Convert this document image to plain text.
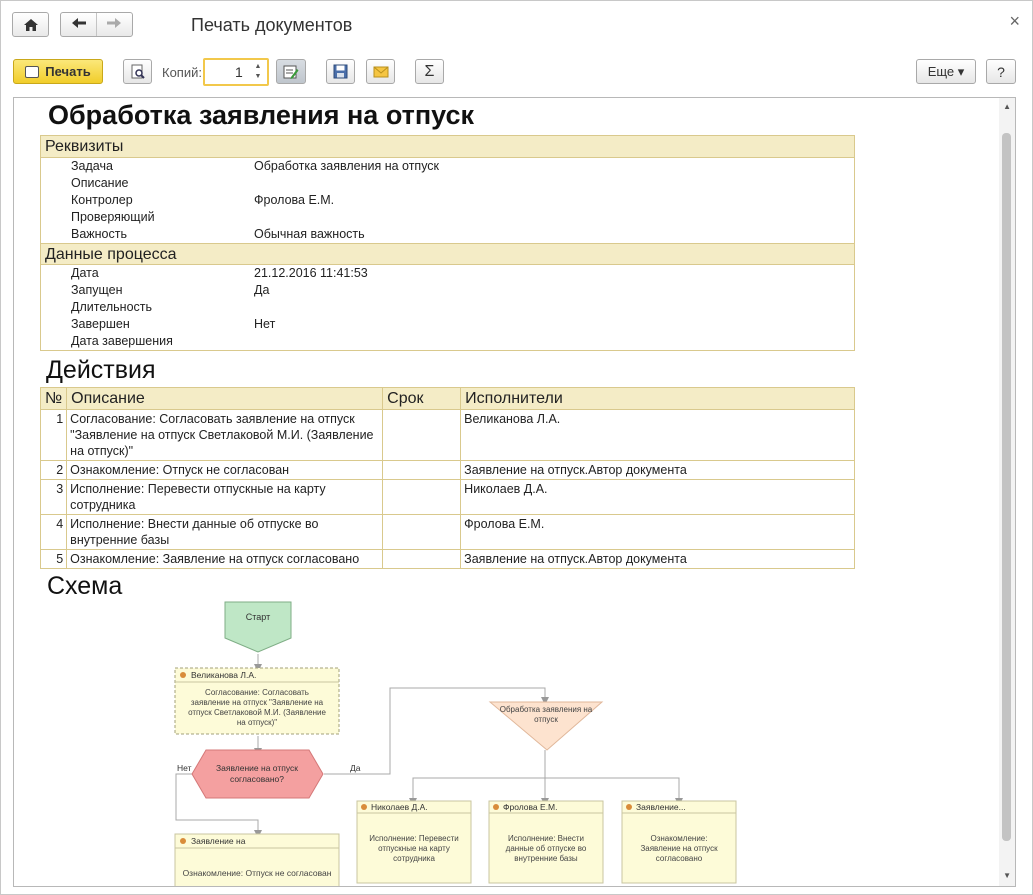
Печать документов	×
Печать	Копий: 1	▲
▼	Σ	Еще ▾	?
▲
▼
Обработка заявления на отпуск
Реквизиты
Задача	Обработка заявления на отпуск
Описание
Контролер	Фролова Е.М.
Проверяющий
Важность	Обычная важность
Данные процесса
Дата	21.12.2016 11:41:53
Запущен	Да
Длительность
Завершен	Нет
Дата завершения
Действия
№	Описание	Срок	Исполнители
1	Согласование: Согласовать заявление на отпуск "Заявление на отпуск Светлаковой М.И. (Заявление на отпуск)"		Великанова Л.А.
2	Ознакомление: Отпуск не согласован		Заявление на отпуск.Автор документа
3	Исполнение: Перевести отпускные на карту сотрудника		Николаев Д.А.
4	Исполнение: Внести данные об отпуске во внутренние базы		Фролова Е.М.
5	Ознакомление: Заявление на отпуск согласовано		Заявление на отпуск.Автор документа
Схема
Старт
Великанова Л.А.
Согласование: Согласовать
заявление на отпуск "Заявление на
отпуск Светлаковой М.И. (Заявление
на отпуск)"
Заявление на отпуск
согласовано?
Нет	Да
Обработка заявления на
отпуск
Заявление на
Ознакомление: Отпуск не согласован
Николаев Д.А.
Исполнение: Перевести
отпускные на карту
сотрудника
Фролова Е.М.
Исполнение: Внести
данные об отпуске во
внутренние базы
Заявление...
Ознакомление:
Заявление на отпуск
согласовано
